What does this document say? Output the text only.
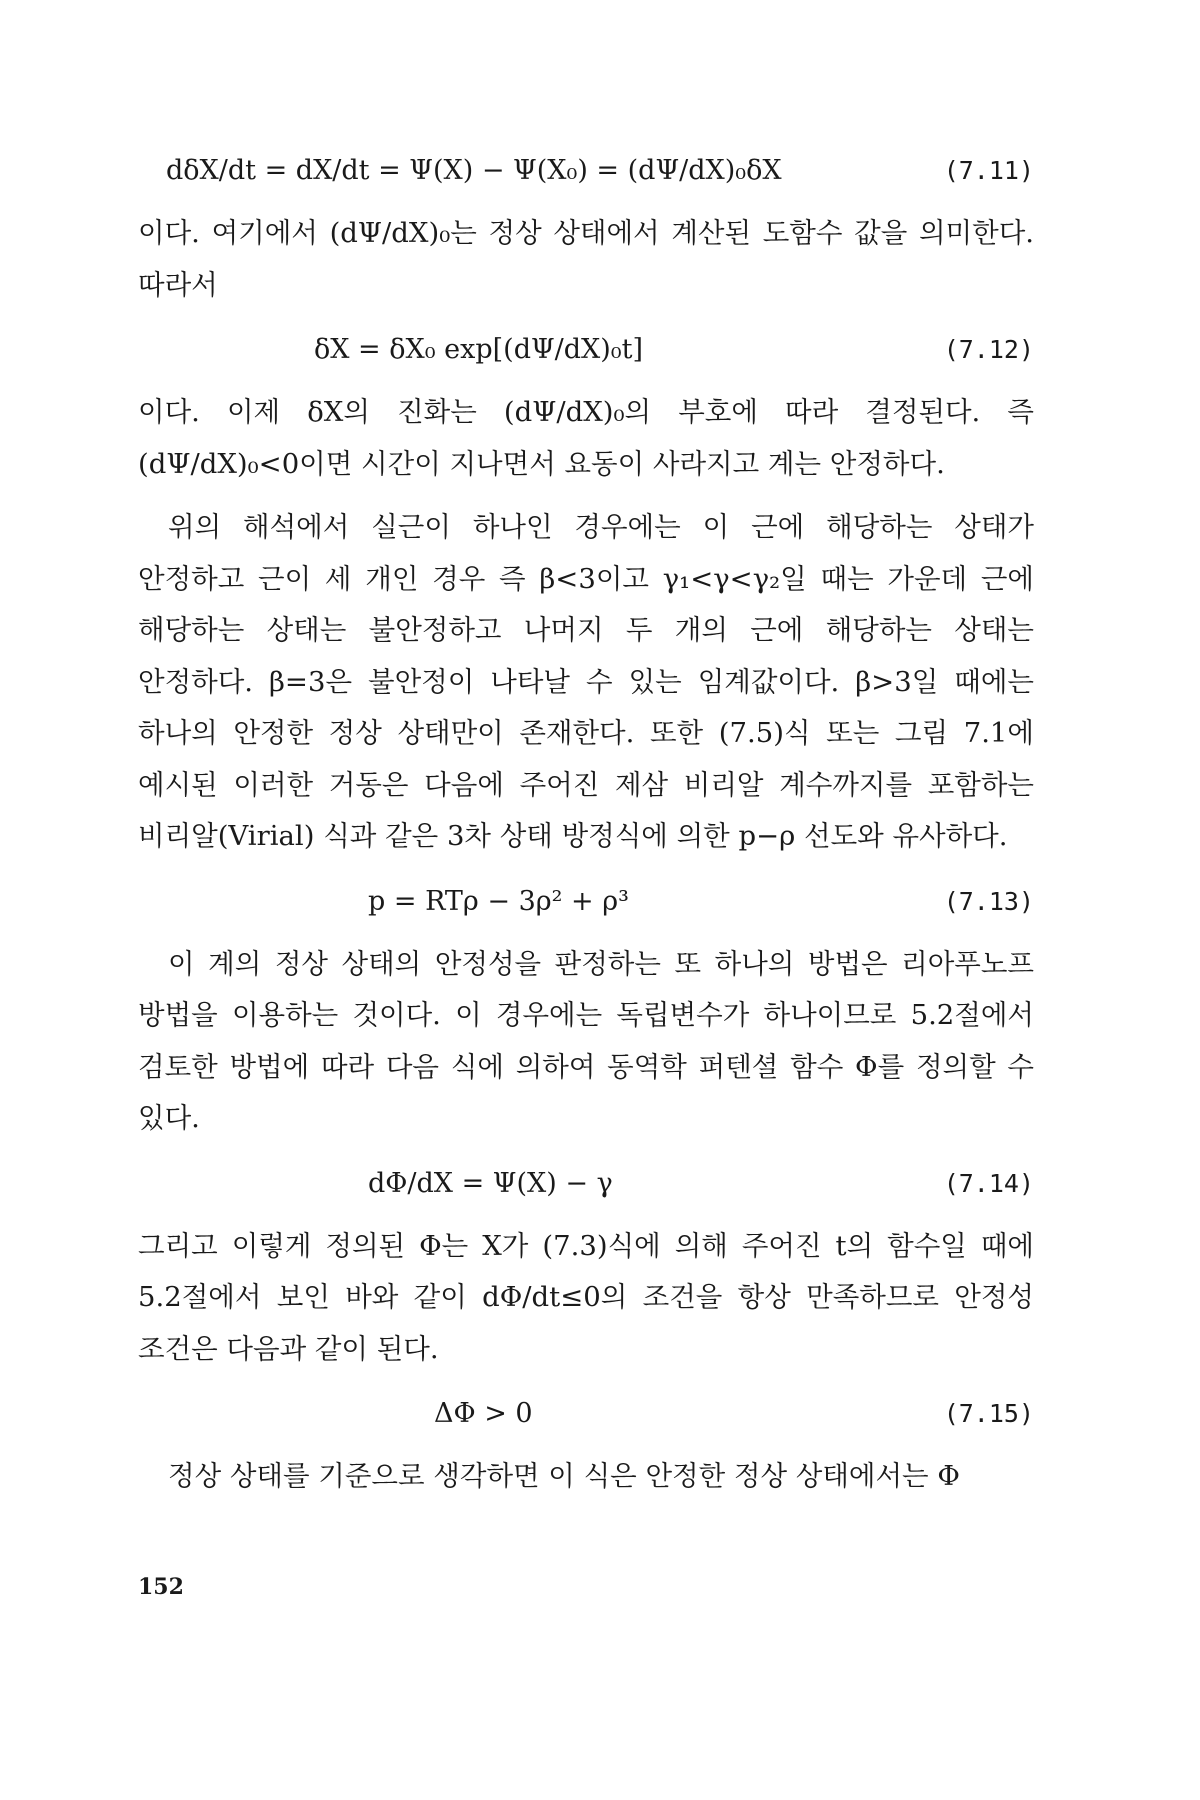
dδX/dt = dX/dt = Ψ(X) − Ψ(X₀) = (dΨ/dX)₀δX	(7.11)

이다. 여기에서 (dΨ/dX)₀는 정상 상태에서 계산된 도함수 값을 의미한다. 따라서

δX = δX₀ exp[(dΨ/dX)₀t]	(7.12)

이다. 이제 δX의 진화는 (dΨ/dX)₀의 부호에 따라 결정된다. 즉 (dΨ/dX)₀<0이면 시간이 지나면서 요동이 사라지고 계는 안정하다.

위의 해석에서 실근이 하나인 경우에는 이 근에 해당하는 상태가 안정하고 근이 세 개인 경우 즉 β<3이고 γ₁<γ<γ₂일 때는 가운데 근에 해당하는 상태는 불안정하고 나머지 두 개의 근에 해당하는 상태는 안정하다. β=3은 불안정이 나타날 수 있는 임계값이다. β>3일 때에는 하나의 안정한 정상 상태만이 존재한다. 또한 (7.5)식 또는 그림 7.1에 예시된 이러한 거동은 다음에 주어진 제삼 비리알 계수까지를 포함하는 비리알(Virial) 식과 같은 3차 상태 방정식에 의한 p−ρ 선도와 유사하다.

p = RTρ − 3ρ² + ρ³	(7.13)

이 계의 정상 상태의 안정성을 판정하는 또 하나의 방법은 리아푸노프 방법을 이용하는 것이다. 이 경우에는 독립변수가 하나이므로 5.2절에서 검토한 방법에 따라 다음 식에 의하여 동역학 퍼텐셜 함수 Φ를 정의할 수 있다.

dΦ/dX = Ψ(X) − γ	(7.14)

그리고 이렇게 정의된 Φ는 X가 (7.3)식에 의해 주어진 t의 함수일 때에 5.2절에서 보인 바와 같이 dΦ/dt≤0의 조건을 항상 만족하므로 안정성 조건은 다음과 같이 된다.

ΔΦ > 0	(7.15)

정상 상태를 기준으로 생각하면 이 식은 안정한 정상 상태에서는 Φ

152
